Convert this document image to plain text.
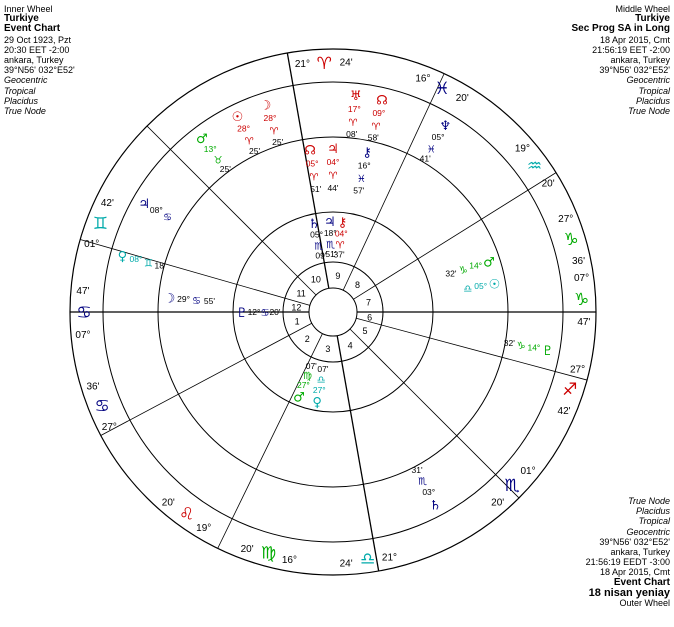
Inner Wheel
Turkiye
Event Chart
29 Oct 1923, Pzt
20:30 EET -2:00
ankara, Turkey
39°N56' 032°E52'
Geocentric
Tropical
Placidus
True Node
Middle Wheel
Turkiye
Sec Prog SA in Long
18 Apr 2015, Cmt
21:56:19 EET -2:00
ankara, Turkey
39°N56' 032°E52'
Geocentric
Tropical
Placidus
True Node
True Node
Placidus
Tropical
Geocentric
39°N56' 032°E52'
ankara, Turkey
21:56:19 EEDT -3:00
18 Apr 2015, Cmt
Event Chart
18 nisan yeniay
Outer Wheel
1
2
3 4
5
6
7
8
9
10
11
12
21° ♈ 24'
16°
♓ 20'
19°
♒
20'
27°
♑
36'
07°
♑
47'
27°
♐
42'
01°
♏
20'
21°
♎
24'
16°
♍
20'
19°
♌
20'
27°
♋
36'
07°
♋
47'
01°
♊
42'
♅
17°
♈
08'
☊
09°
♈
58'
♃ 08°
♋
♂
13°
♉
25'
☉
28°
♈
25'
☽
28°
♈
25'
♀ 08° ♊ 18'
♆
05°
♓
41'
♇
14°
♑
32'
♄
03°
♏
31'
⚷
16°
♓
57'
♃
04°
♈
44'
☊
05°
♈
51'
♂
14°
♑
32'
☉
05°
♎
☽ 29° ♋ 55'
⚷
04°
♈
37'
♃
18°
♏
51'
♄
05°
♏
09'
♇ 12° ♋ 20'
♀
27°
♎
07'
♂
27°
♍
07'
